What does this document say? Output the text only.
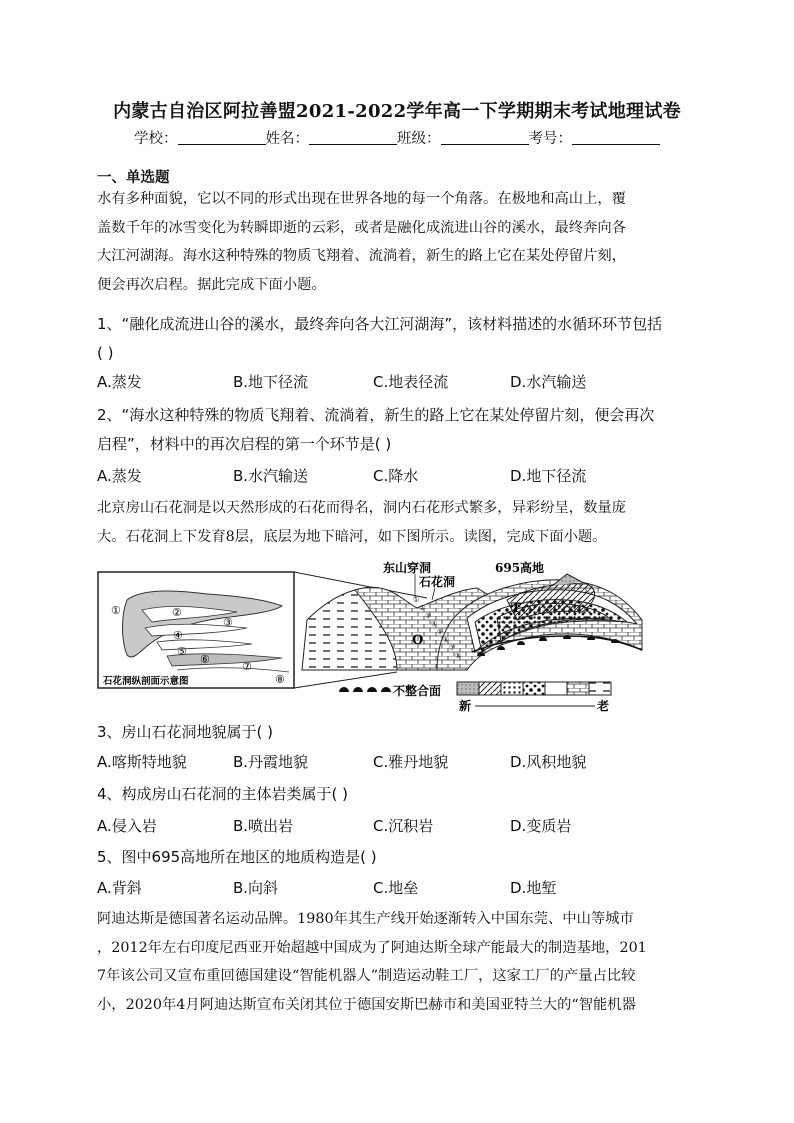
内蒙古自治区阿拉善盟2021-2022学年高一下学期期末考试地理试卷
学校：	姓名：	班级：	考号：
一、单选题
水有多种面貌，它以不同的形式出现在世界各地的每一个角落。在极地和高山上，覆
盖数千年的冰雪变化为转瞬即逝的云彩，或者是融化成流进山谷的溪水，最终奔向各
大江河湖海。海水这种特殊的物质飞翔着、流淌着，新生的路上它在某处停留片刻，
便会再次启程。据此完成下面小题。
1、“融化成流进山谷的溪水，最终奔向各大江河湖海”，该材料描述的水循环环节包括
( )
A.蒸发	B.地下径流	C.地表径流	D.水汽输送
2、“海水这种特殊的物质飞翔着、流淌着，新生的路上它在某处停留片刻，便会再次
启程”，材料中的再次启程的第一个环节是( )
A.蒸发	B.水汽输送	C.降水	D.地下径流
北京房山石花洞是以天然形成的石花而得名，洞内石花形式繁多，异彩纷呈，数量庞
大。石花洞上下发育8层，底层为地下暗河，如下图所示。读图，完成下面小题。
①	②
③
④
⑤
⑥
⑦
⑧
石花洞纵剖面示意图
①
②
③
④
⑤
⑥
⑦
⑧
东山穿洞
石花洞
695高地
T
O
不整合面
新	老
3、房山石花洞地貌属于( )
A.喀斯特地貌	B.丹霞地貌	C.雅丹地貌	D.风积地貌
4、构成房山石花洞的主体岩类属于( )
A.侵入岩	B.喷出岩	C.沉积岩	D.变质岩
5、图中695高地所在地区的地质构造是( )
A.背斜	B.向斜	C.地垒	D.地堑
阿迪达斯是德国著名运动品牌。1980年其生产线开始逐渐转入中国东莞、中山等城市
，2012年左右印度尼西亚开始超越中国成为了阿迪达斯全球产能最大的制造基地，201
7年该公司又宣布重回德国建设“智能机器人”制造运动鞋工厂，这家工厂的产量占比较
小，2020年4月阿迪达斯宣布关闭其位于德国安斯巴赫市和美国亚特兰大的“智能机器
